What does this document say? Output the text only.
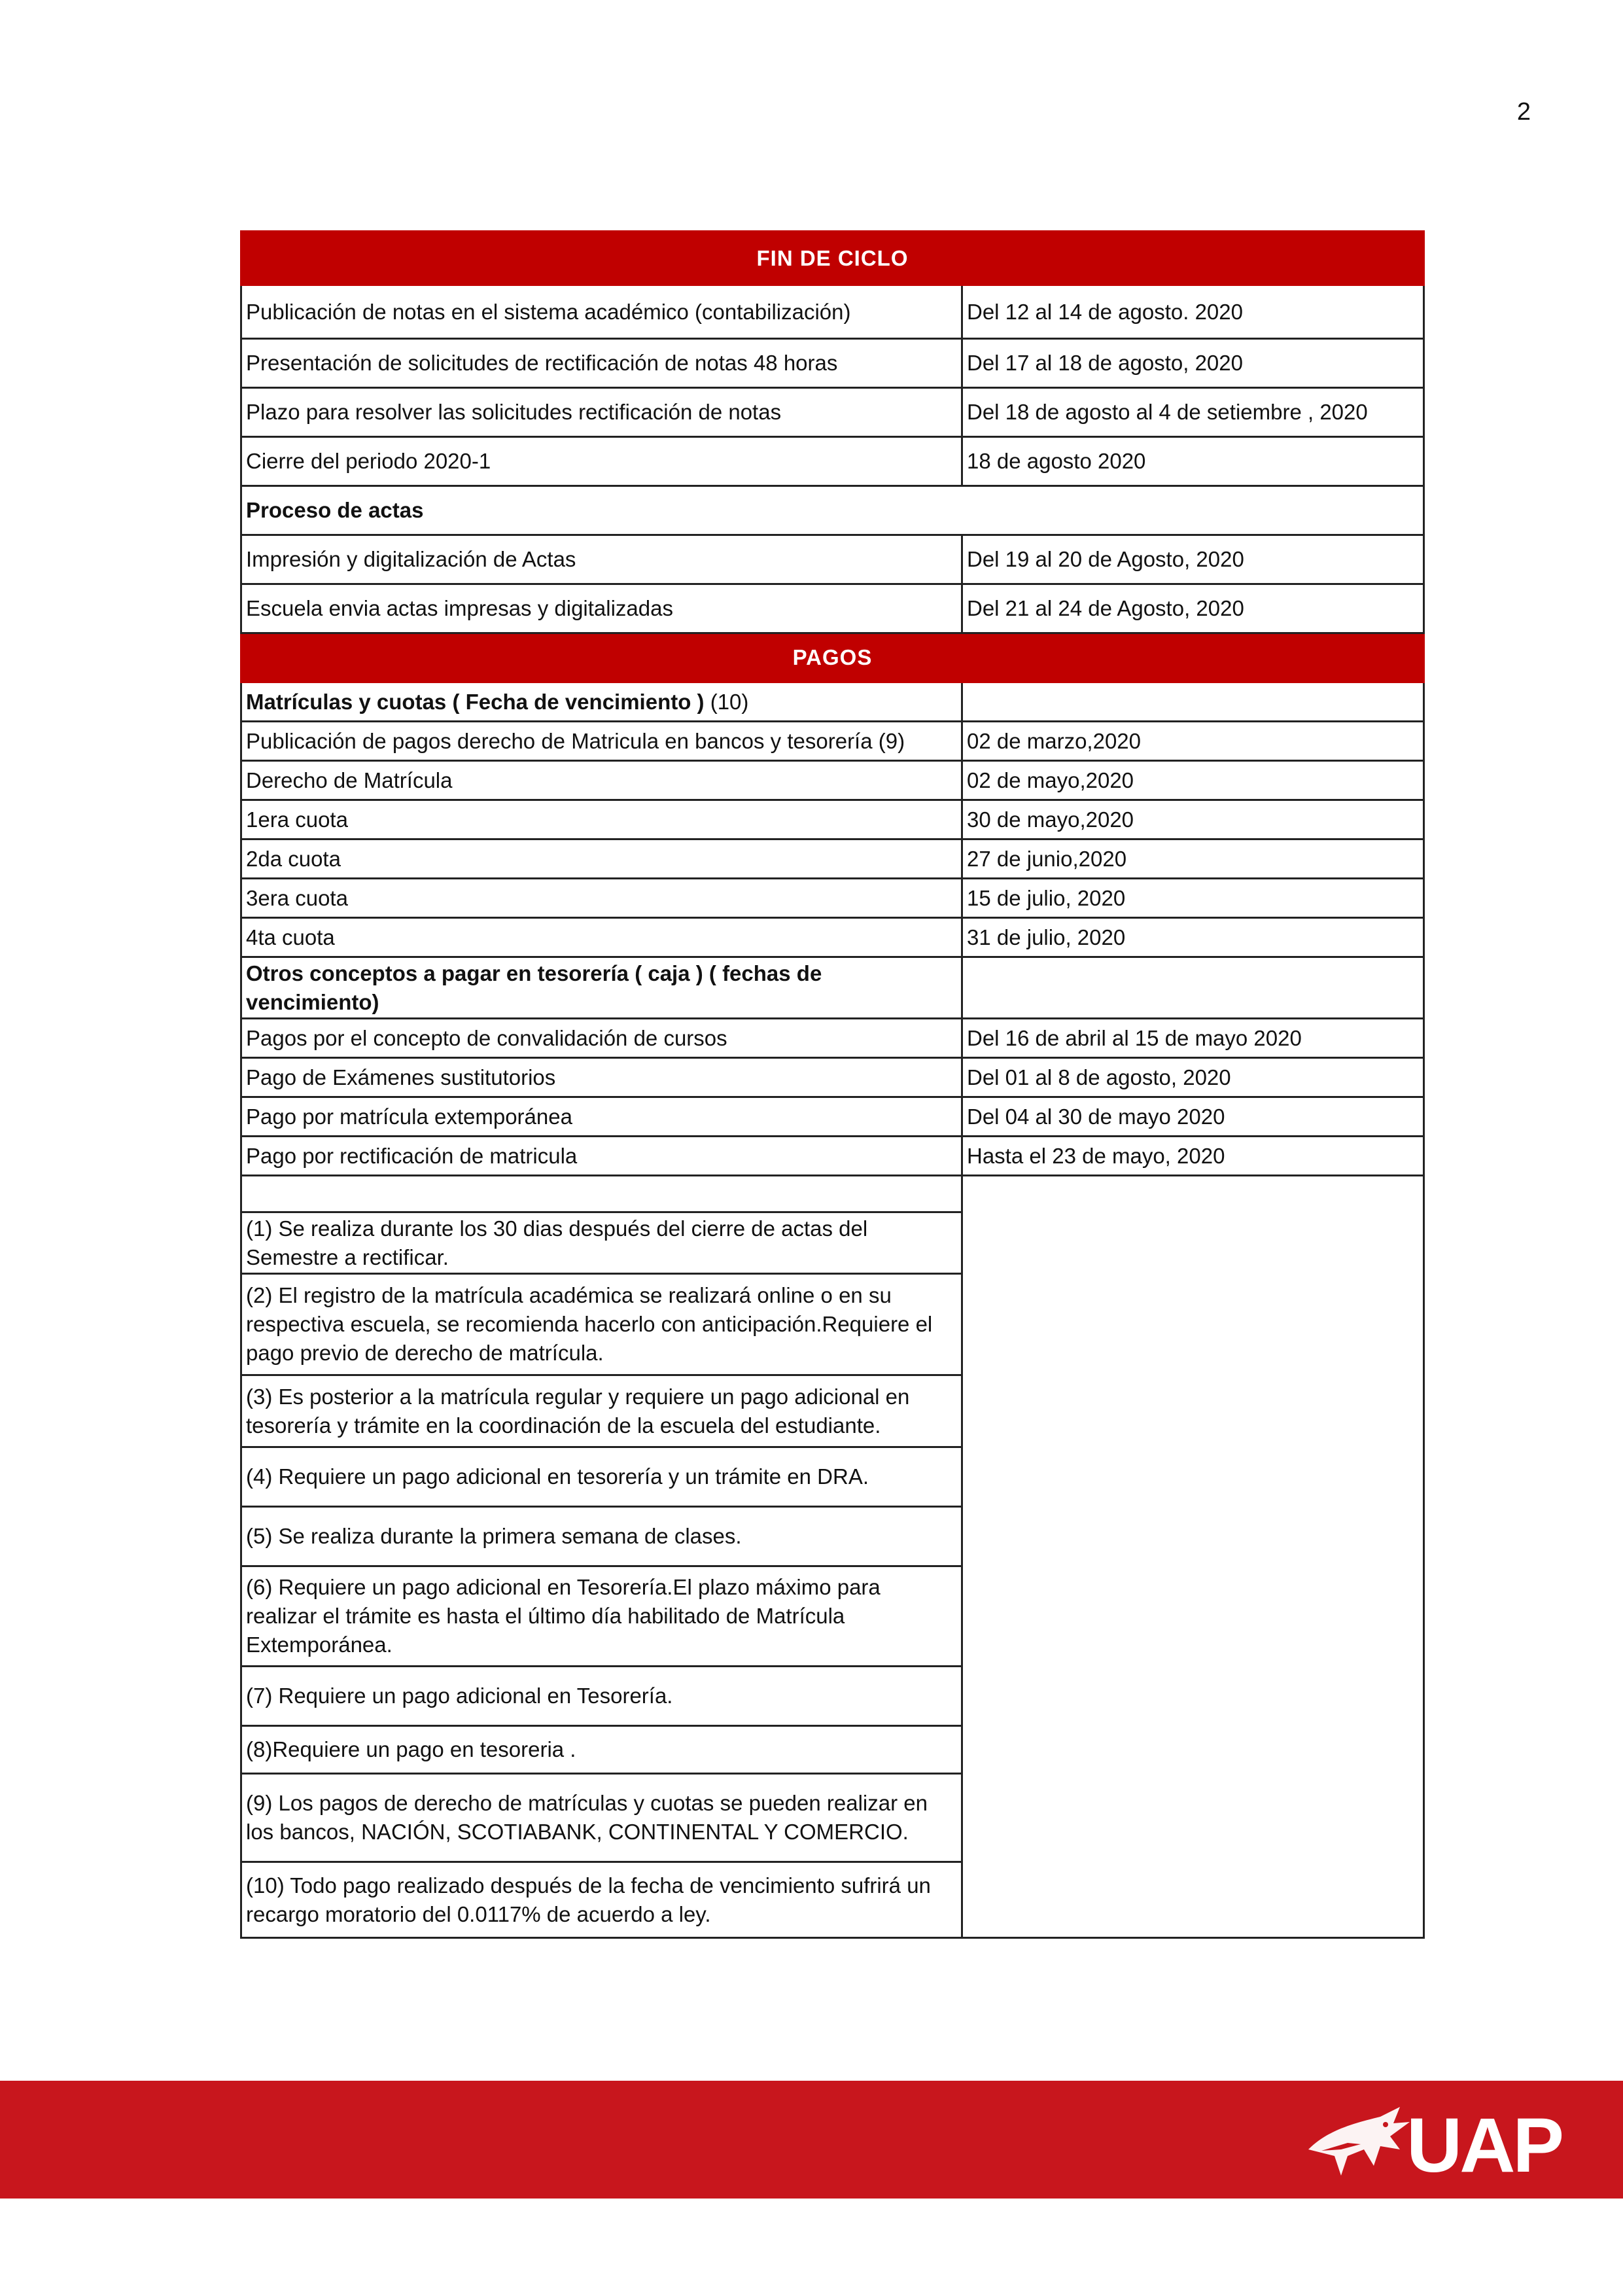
2
FIN DE CICLO	
Publicación de notas en el sistema académico (contabilización)	Del 12 al 14 de agosto. 2020
Presentación de solicitudes de rectificación de notas 48 horas	Del 17 al 18 de agosto, 2020
Plazo para resolver las solicitudes rectificación de notas	Del 18 de agosto al 4 de setiembre , 2020
Cierre del periodo 2020-1	18 de agosto 2020
Proceso de actas	
Impresión y digitalización de Actas	Del 19 al 20 de Agosto, 2020
Escuela envia actas impresas y digitalizadas	Del 21 al 24 de Agosto, 2020
PAGOS	
Matrículas y cuotas ( Fecha de vencimiento ) (10)	
Publicación de pagos derecho de Matricula en bancos y tesorería (9)	02 de marzo,2020
Derecho de Matrícula	02 de mayo,2020
1era cuota	30 de mayo,2020
2da cuota	27 de junio,2020
3era cuota	15 de julio, 2020
4ta cuota	31 de julio, 2020
Otros conceptos a pagar en tesorería ( caja ) ( fechas de vencimiento)	
Pagos por el concepto de convalidación de cursos	Del 16 de abril al 15 de mayo 2020
Pago de Exámenes sustitutorios	Del 01 al 8 de agosto, 2020
Pago por matrícula extemporánea	Del 04 al 30 de mayo 2020
Pago por rectificación de matricula	Hasta el 23 de mayo, 2020

(1) Se realiza durante los 30 dias después del cierre de actas del Semestre a rectificar.	
(2) El registro de la matrícula académica se realizará online o en su respectiva escuela, se recomienda hacerlo con anticipación.Requiere el pago previo de derecho de matrícula.	
(3) Es posterior a la matrícula regular y requiere un pago adicional en tesorería y trámite en la coordinación de la escuela del estudiante.	
(4) Requiere un pago adicional en tesorería y un trámite en DRA.	
(5) Se realiza durante la primera semana de clases.	
(6) Requiere un pago adicional en Tesorería.El plazo máximo para realizar el trámite es hasta el último día habilitado de Matrícula Extemporánea.	
(7) Requiere un pago adicional en Tesorería.	
(8)Requiere un pago en tesoreria .	
(9) Los pagos de derecho de matrículas y cuotas se pueden realizar en los bancos, NACIÓN, SCOTIABANK, CONTINENTAL Y COMERCIO.	
(10) Todo pago realizado después de la fecha de vencimiento sufrirá un recargo moratorio del 0.0117% de acuerdo a ley.	
UAP
